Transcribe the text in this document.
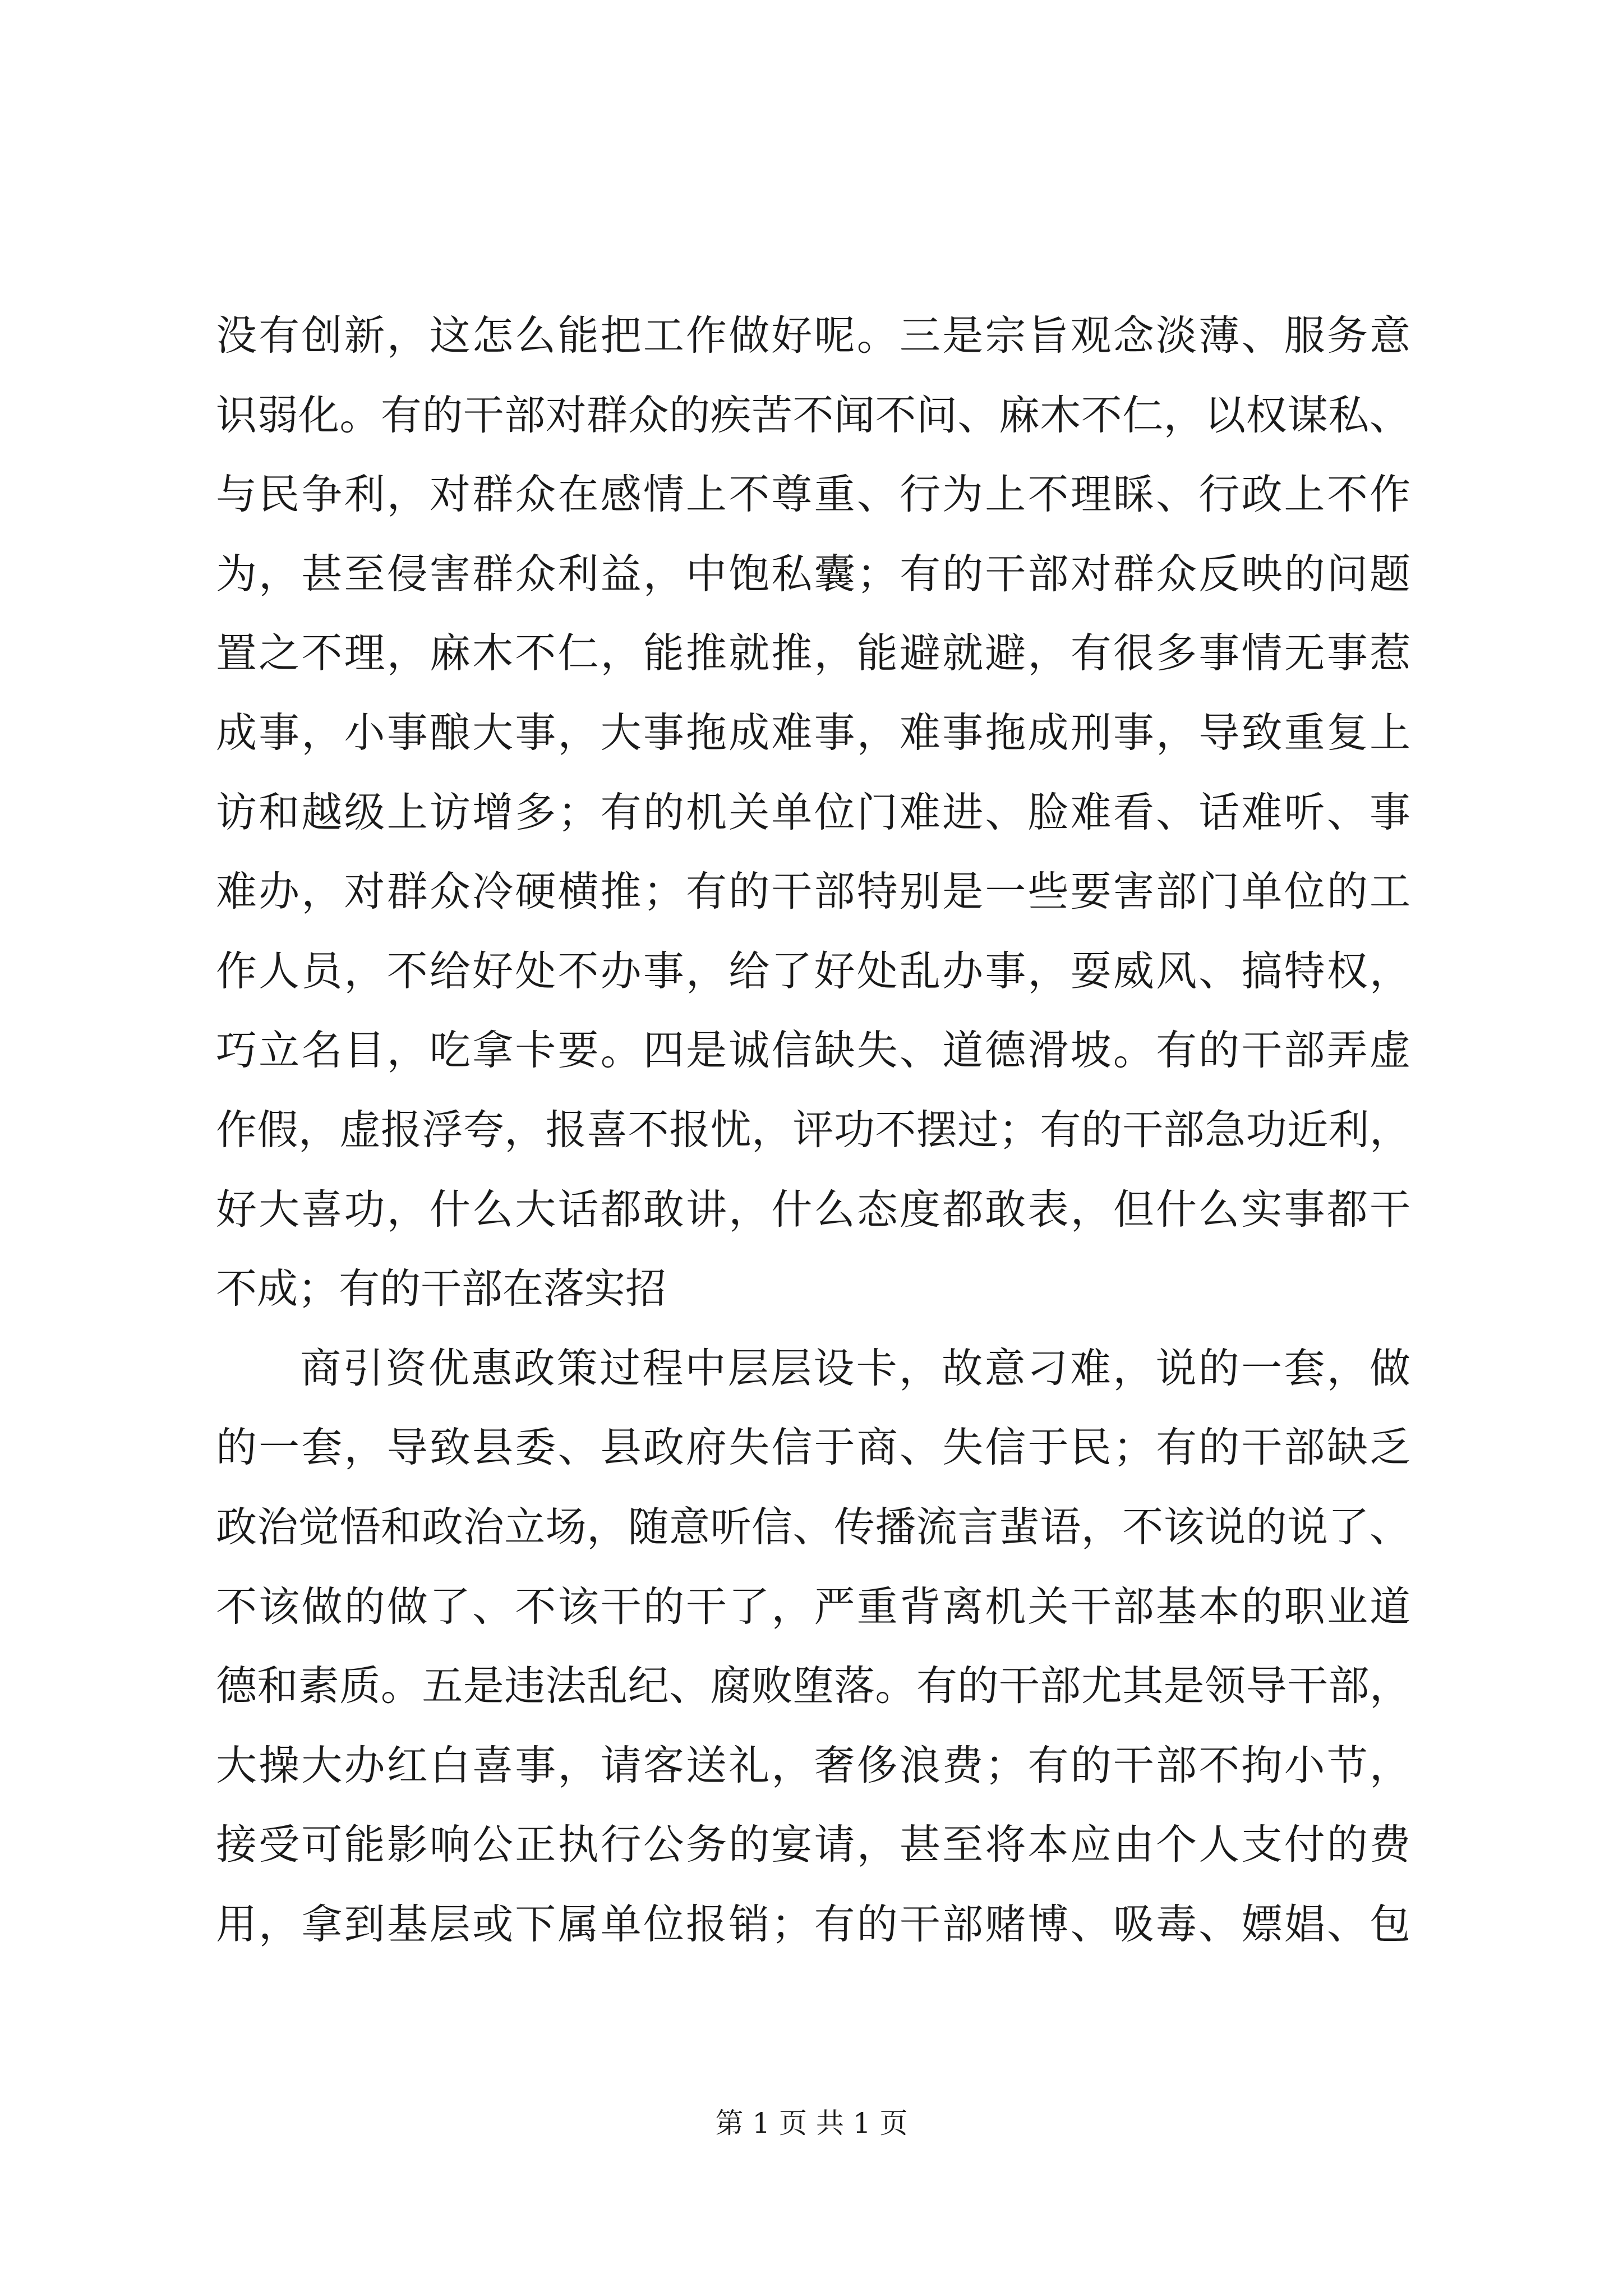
没有创新，这怎么能把工作做好呢。三是宗旨观念淡薄、服务意

识弱化。有的干部对群众的疾苦不闻不问、麻木不仁，以权谋私、

与民争利，对群众在感情上不尊重、行为上不理睬、行政上不作

为，甚至侵害群众利益，中饱私囊；有的干部对群众反映的问题

置之不理，麻木不仁，能推就推，能避就避，有很多事情无事惹

成事，小事酿大事，大事拖成难事，难事拖成刑事，导致重复上

访和越级上访增多；有的机关单位门难进、脸难看、话难听、事

难办，对群众冷硬横推；有的干部特别是一些要害部门单位的工

作人员，不给好处不办事，给了好处乱办事，耍威风、搞特权，

巧立名目，吃拿卡要。四是诚信缺失、道德滑坡。有的干部弄虚

作假，虚报浮夸，报喜不报忧，评功不摆过；有的干部急功近利，

好大喜功，什么大话都敢讲，什么态度都敢表，但什么实事都干

不成；有的干部在落实招

商引资优惠政策过程中层层设卡，故意刁难，说的一套，做

的一套，导致县委、县政府失信于商、失信于民；有的干部缺乏

政治觉悟和政治立场，随意听信、传播流言蜚语，不该说的说了、

不该做的做了、不该干的干了，严重背离机关干部基本的职业道

德和素质。五是违法乱纪、腐败堕落。有的干部尤其是领导干部，

大操大办红白喜事，请客送礼，奢侈浪费；有的干部不拘小节，

接受可能影响公正执行公务的宴请，甚至将本应由个人支付的费

用，拿到基层或下属单位报销；有的干部赌博、吸毒、嫖娼、包

第 1 页 共 1 页
